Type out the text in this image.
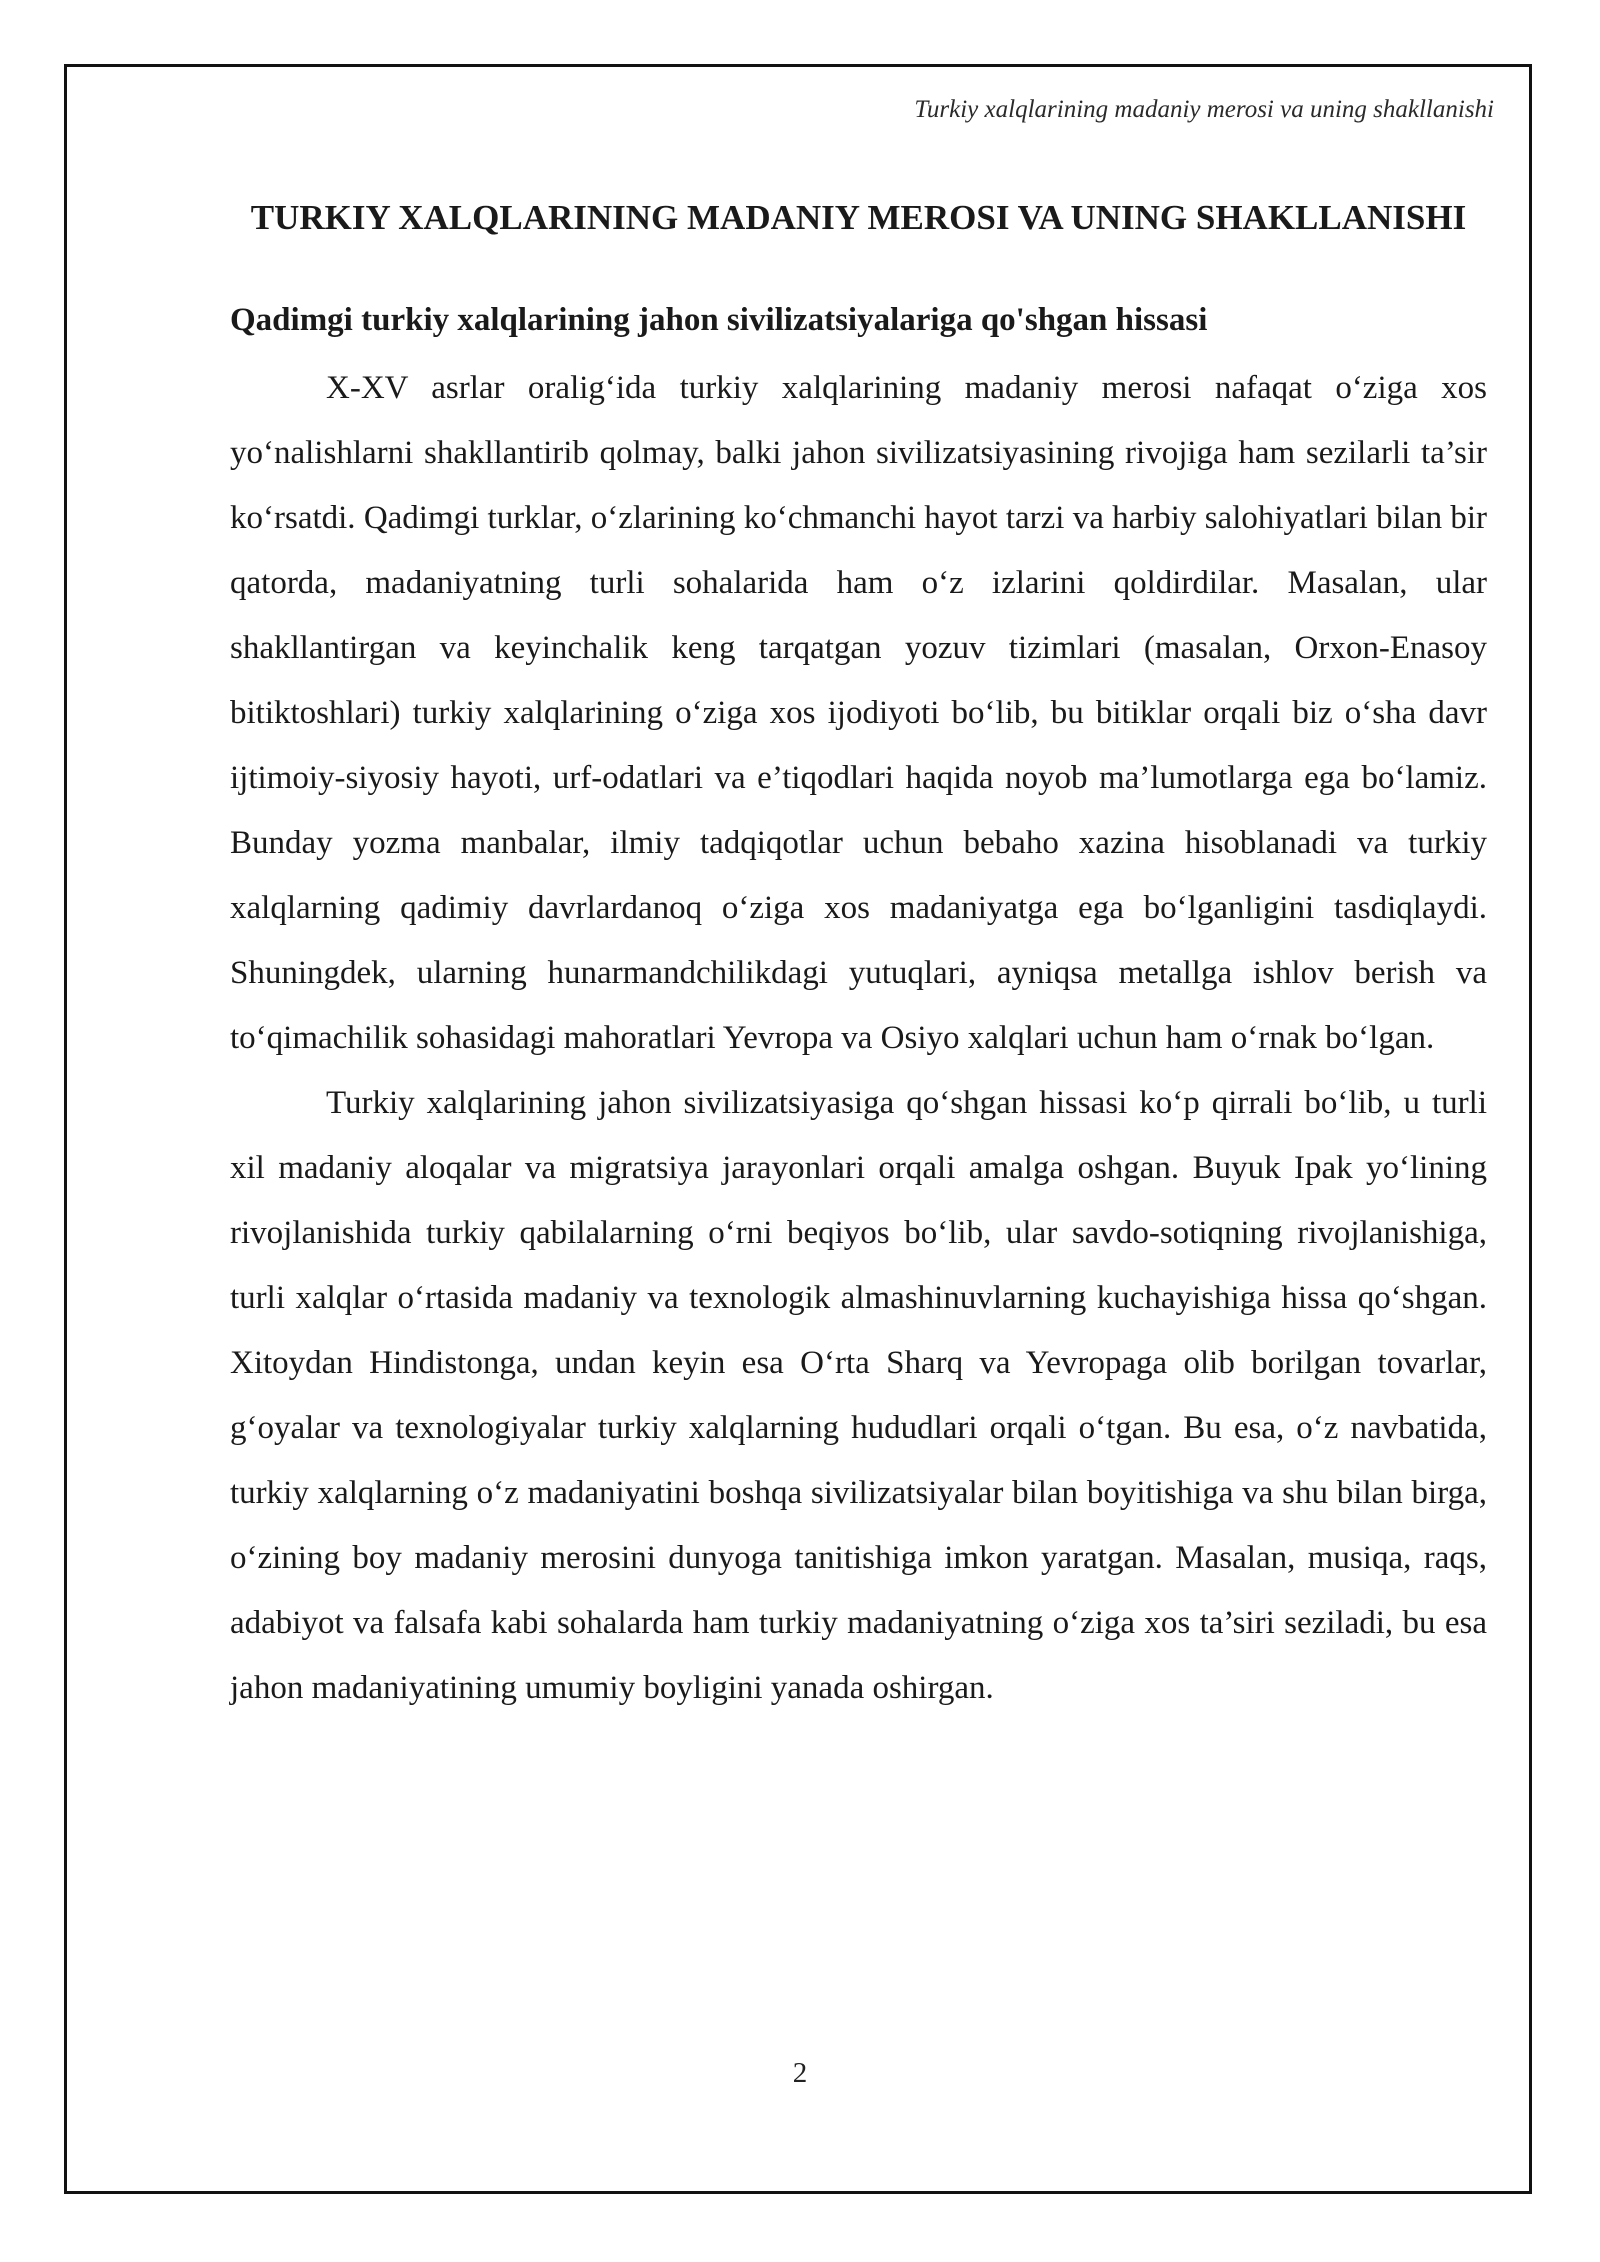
Turkiy xalqlarining madaniy merosi va uning shakllanishi
TURKIY XALQLARINING MADANIY MEROSI VA UNING SHAKLLANISHI
Qadimgi turkiy xalqlarining jahon sivilizatsiyalariga qo'shgan hissasi

X-XV asrlar oralig‘ida turkiy xalqlarining madaniy merosi nafaqat o‘ziga xos yo‘nalishlarni shakllantirib qolmay, balki jahon sivilizatsiyasining rivojiga ham sezilarli ta’sir ko‘rsatdi. Qadimgi turklar, o‘zlarining ko‘chmanchi hayot tarzi va harbiy salohiyatlari bilan bir qatorda, madaniyatning turli sohalarida ham o‘z izlarini qoldirdilar. Masalan, ular shakllantirgan va keyinchalik keng tarqatgan yozuv tizimlari (masalan, Orxon-Enasoy bitiktoshlari) turkiy xalqlarining o‘ziga xos ijodiyoti bo‘lib, bu bitiklar orqali biz o‘sha davr ijtimoiy-siyosiy hayoti, urf-odatlari va e’tiqodlari haqida noyob ma’lumotlarga ega bo‘lamiz. Bunday yozma manbalar, ilmiy tadqiqotlar uchun bebaho xazina hisoblanadi va turkiy xalqlarning qadimiy davrlardanoq o‘ziga xos madaniyatga ega bo‘lganligini tasdiqlaydi. Shuningdek, ularning hunarmandchilikdagi yutuqlari, ayniqsa metallga ishlov berish va to‘qimachilik sohasidagi mahoratlari Yevropa va Osiyo xalqlari uchun ham o‘rnak bo‘lgan.

Turkiy xalqlarining jahon sivilizatsiyasiga qo‘shgan hissasi ko‘p qirrali bo‘lib, u turli xil madaniy aloqalar va migratsiya jarayonlari orqali amalga oshgan. Buyuk Ipak yo‘lining rivojlanishida turkiy qabilalarning o‘rni beqiyos bo‘lib, ular savdo-sotiqning rivojlanishiga, turli xalqlar o‘rtasida madaniy va texnologik almashinuvlarning kuchayishiga hissa qo‘shgan. Xitoydan Hindistonga, undan keyin esa O‘rta Sharq va Yevropaga olib borilgan tovarlar, g‘oyalar va texnologiyalar turkiy xalqlarning hududlari orqali o‘tgan. Bu esa, o‘z navbatida, turkiy xalqlarning o‘z madaniyatini boshqa sivilizatsiyalar bilan boyitishiga va shu bilan birga, o‘zining boy madaniy merosini dunyoga tanitishiga imkon yaratgan. Masalan, musiqa, raqs, adabiyot va falsafa kabi sohalarda ham turkiy madaniyatning o‘ziga xos ta’siri seziladi, bu esa jahon madaniyatining umumiy boyligini yanada oshirgan.

2
